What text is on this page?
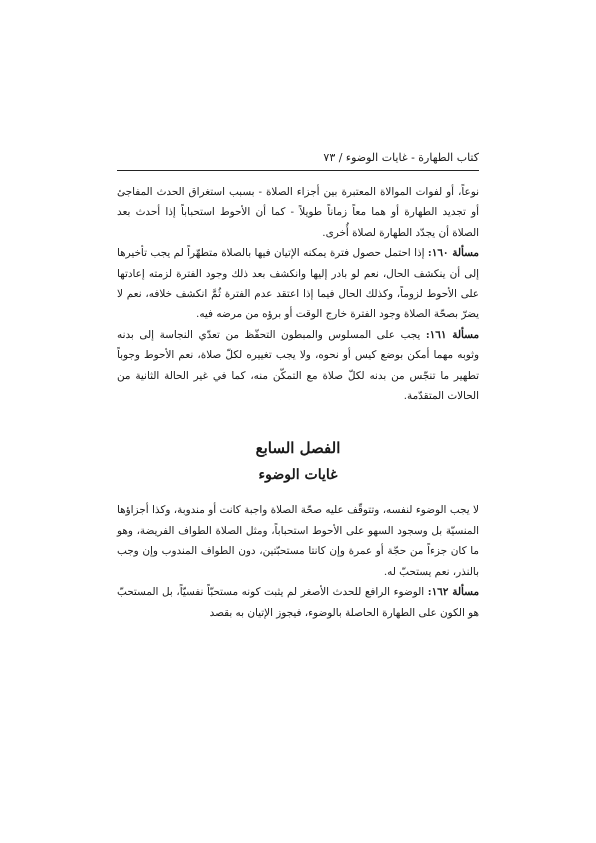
كتاب الطهارة - غايات الوضوء / ٧٣

نوعاً، أو لفوات الموالاة المعتبرة بين أجزاء الصلاة - بسبب استغراق الحدث المفاجئ أو تجديد الطهارة أو هما معاً زماناً طويلاً - كما أن الأحوط استحباباً إذا أحدث بعد الصلاة أن يجدّد الطهارة لصلاة أُخرى.

مسألة ١٦٠: إذا احتمل حصول فترة يمكنه الإتيان فيها بالصلاة متطهّراً لم يجب تأخيرها إلى أن ينكشف الحال، نعم لو بادر إليها وانكشف بعد ذلك وجود الفترة لزمته إعادتها على الأحوط لزوماً، وكذلك الحال فيما إذا اعتقد عدم الفترة ثُمَّ انكشف خلافه، نعم لا يضرّ بصحّة الصلاة وجود الفترة خارج الوقت أو برؤه من مرضه فيه.

مسألة ١٦١: يجب على المسلوس والمبطون التحفّظ من تعدّي النجاسة إلى بدنه وثوبه مهما أمكن بوضع كيس أو نحوه، ولا يجب تغييره لكلّ صلاة، نعم الأحوط وجوباً تطهير ما تنجّس من بدنه لكلّ صلاة مع التمكّن منه، كما في غير الحالة الثانية من الحالات المتقدّمة.

الفصل السابع
غايات الوضوء

لا يجب الوضوء لنفسه، وتتوقّف عليه صحّة الصلاة واجبة كانت أو مندوبة، وكذا أجزاؤها المنسيّة بل وسجود السهو على الأحوط استحباباً، ومثل الصلاة الطواف الفريضة، وهو ما كان جزءاً من حجّة أو عمرة وإن كانتا مستحبّتين، دون الطواف المندوب وإن وجب بالنذر، نعم يستحبّ له.

مسألة ١٦٢: الوضوء الرافع للحدث الأصغر لم يثبت كونه مستحبّاً نفسيّاً، بل المستحبّ هو الكون على الطهارة الحاصلة بالوضوء، فيجوز الإتيان به بقصد
